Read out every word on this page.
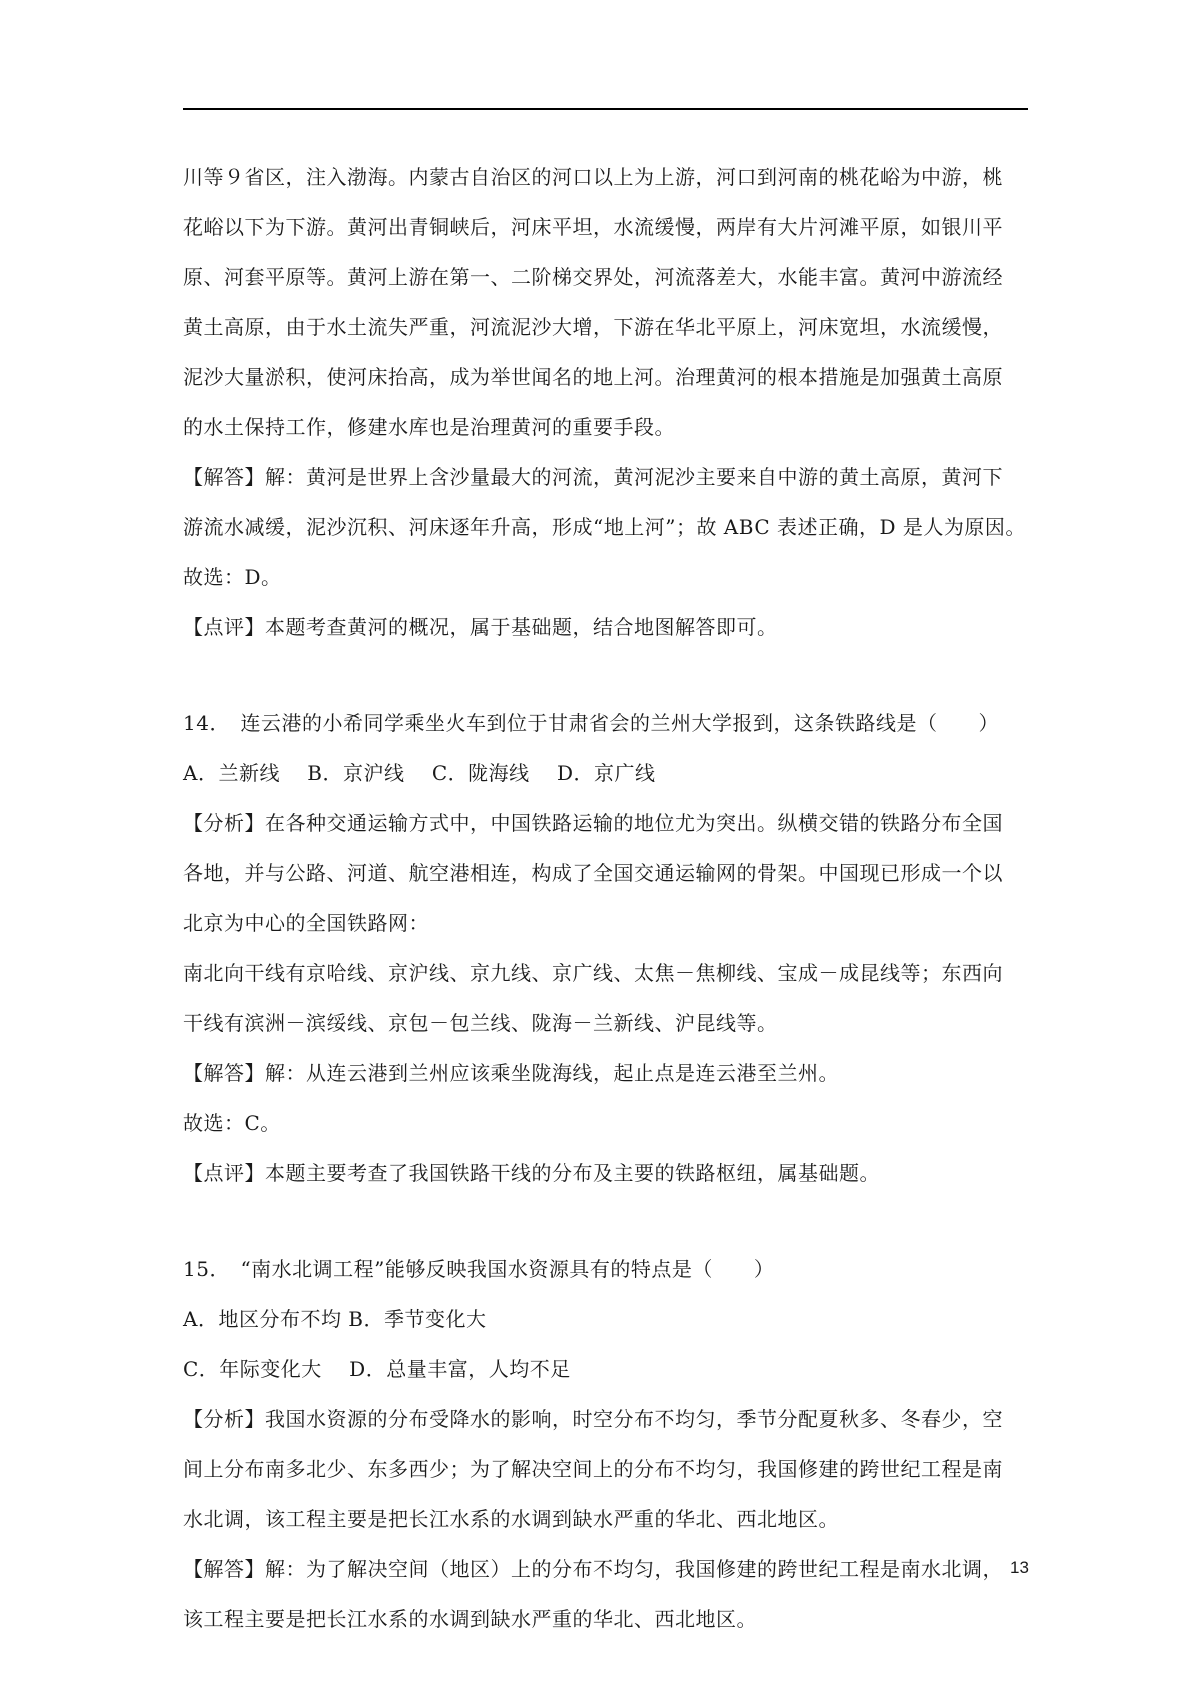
川等９省区，注入渤海。内蒙古自治区的河口以上为上游，河口到河南的桃花峪为中游，桃
花峪以下为下游。黄河出青铜峡后，河床平坦，水流缓慢，两岸有大片河滩平原，如银川平
原、河套平原等。黄河上游在第一、二阶梯交界处，河流落差大，水能丰富。黄河中游流经
黄土高原，由于水土流失严重，河流泥沙大增，下游在华北平原上，河床宽坦，水流缓慢，
泥沙大量淤积，使河床抬高，成为举世闻名的地上河。治理黄河的根本措施是加强黄土高原
的水土保持工作，修建水库也是治理黄河的重要手段。
【解答】解：黄河是世界上含沙量最大的河流，黄河泥沙主要来自中游的黄土高原，黄河下
游流水减缓，泥沙沉积、河床逐年升高，形成“地上河”；故 ABC 表述正确，D 是人为原因。
故选：D。
【点评】本题考查黄河的概况，属于基础题，结合地图解答即可。
14．　连云港的小希同学乘坐火车到位于甘肃省会的兰州大学报到，这条铁路线是（　　）
A．兰新线　 B．京沪线　 C．陇海线　 D．京广线
【分析】在各种交通运输方式中，中国铁路运输的地位尤为突出。纵横交错的铁路分布全国
各地，并与公路、河道、航空港相连，构成了全国交通运输网的骨架。中国现已形成一个以
北京为中心的全国铁路网：
南北向干线有京哈线、京沪线、京九线、京广线、太焦－焦柳线、宝成－成昆线等；东西向
干线有滨洲－滨绥线、京包－包兰线、陇海－兰新线、沪昆线等。
【解答】解：从连云港到兰州应该乘坐陇海线，起止点是连云港至兰州。
故选：C。
【点评】本题主要考查了我国铁路干线的分布及主要的铁路枢纽，属基础题。
15．　“南水北调工程”能够反映我国水资源具有的特点是（　　）
A．地区分布不均 B．季节变化大
C．年际变化大　 D．总量丰富，人均不足
【分析】我国水资源的分布受降水的影响，时空分布不均匀，季节分配夏秋多、冬春少，空
间上分布南多北少、东多西少；为了解决空间上的分布不均匀，我国修建的跨世纪工程是南
水北调，该工程主要是把长江水系的水调到缺水严重的华北、西北地区。
【解答】解：为了解决空间（地区）上的分布不均匀，我国修建的跨世纪工程是南水北调，
该工程主要是把长江水系的水调到缺水严重的华北、西北地区。
13
